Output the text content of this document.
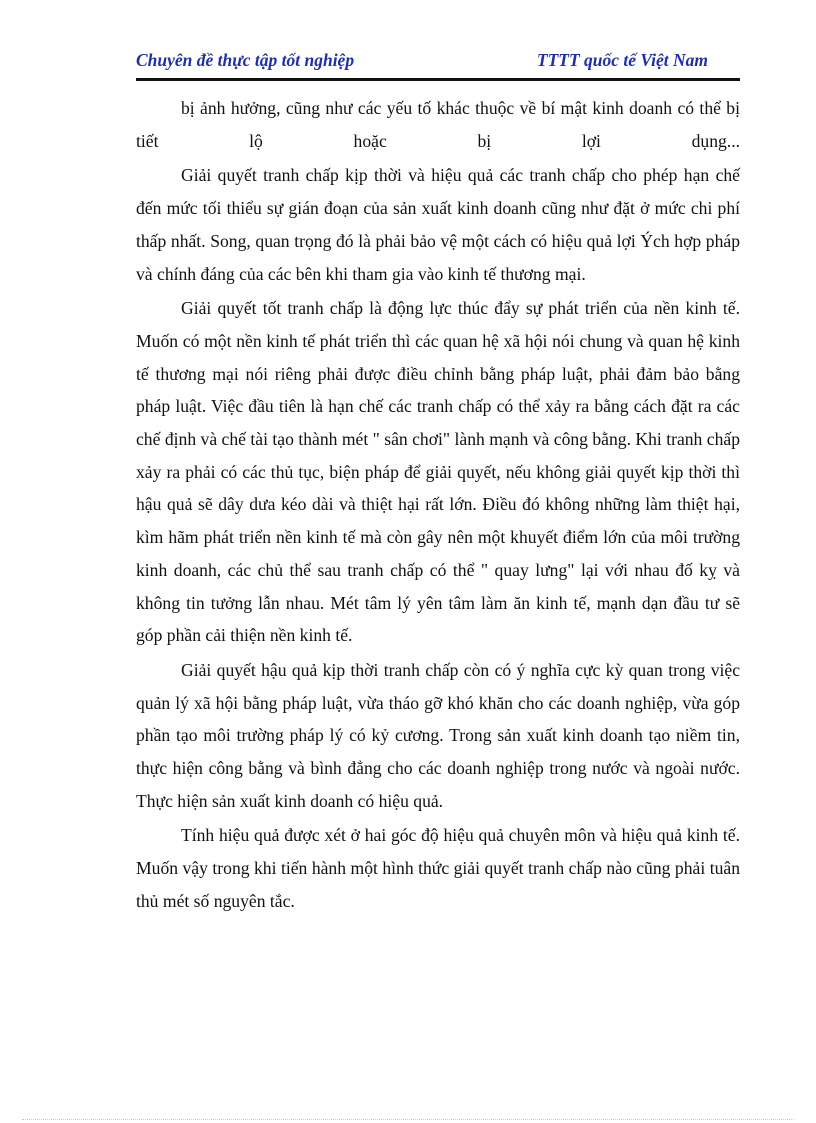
Chuyên đề thực tập tốt nghiệp	TTTT quốc tế Việt Nam

bị ảnh hưởng, cũng như các yếu tố khác thuộc về bí mật kinh doanh có thể bị tiết lộ hoặc bị lợi dụng...

Giải quyết tranh chấp kịp thời và hiệu quả các tranh chấp cho phép hạn chế đến mức tối thiểu sự gián đoạn của sản xuất kinh doanh cũng như đặt ở mức chi phí thấp nhất. Song, quan trọng đó là phải bảo vệ một cách có hiệu quả lợi Ých hợp pháp và chính đáng của các bên khi tham gia vào kinh tế thương mại.

Giải quyết tốt tranh chấp là động lực thúc đẩy sự phát triển của nền kinh tế. Muốn có một nền kinh tế phát triển thì các quan hệ xã hội nói chung và quan hệ kinh tế thương mại nói riêng phải được điều chỉnh bằng pháp luật, phải đảm bảo bằng pháp luật. Việc đầu tiên là hạn chế các tranh chấp có thể xảy ra bằng cách đặt ra các chế định và chế tài tạo thành mét " sân chơi" lành mạnh và công bằng. Khi tranh chấp xảy ra phải có các thủ tục, biện pháp để giải quyết, nếu không giải quyết kịp thời thì hậu quả sẽ dây dưa kéo dài và thiệt hại rất lớn. Điều đó không những làm thiệt hại, kìm hãm phát triển nền kinh tế mà còn gây nên một khuyết điểm lớn của môi trường kinh doanh, các chủ thể sau tranh chấp có thể " quay lưng" lại với nhau đố kỵ và không tin tưởng lẫn nhau. Mét tâm lý yên tâm làm ăn kinh tế, mạnh dạn đầu tư sẽ góp phần cải thiện nền kinh tế.

Giải quyết hậu quả kịp thời tranh chấp còn có ý nghĩa cực kỳ quan trong việc quản lý xã hội bằng pháp luật, vừa tháo gỡ khó khăn cho các doanh nghiệp, vừa góp phần tạo môi trường pháp lý có kỷ cương. Trong sản xuất kinh doanh tạo niềm tin, thực hiện công bằng và bình đẳng cho các doanh nghiệp trong nước và ngoài nước. Thực hiện sản xuất kinh doanh có hiệu quả.

Tính hiệu quả được xét ở hai góc độ hiệu quả chuyên môn và hiệu quả kinh tế. Muốn vậy trong khi tiến hành một hình thức giải quyết tranh chấp nào cũng phải tuân thủ mét số nguyên tắc.
